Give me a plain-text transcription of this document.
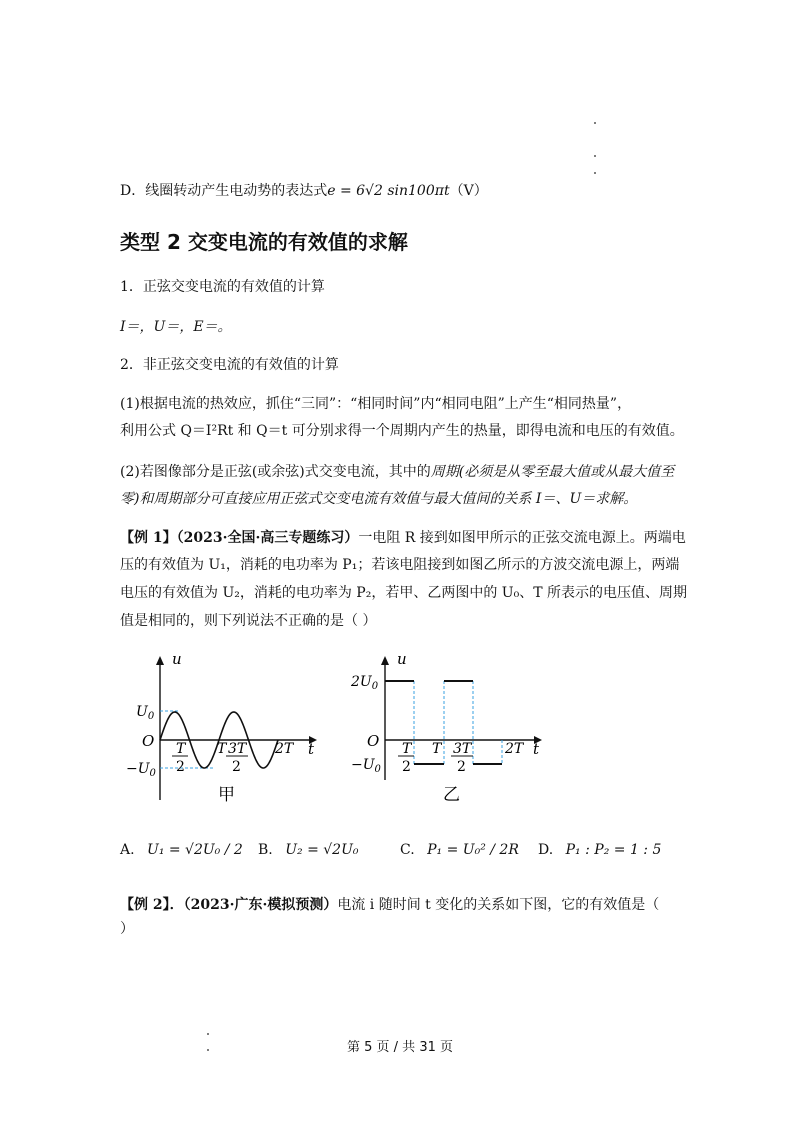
D．线圈转动产生电动势的表达式e = 6√2 sin100πt（V）
类型 2 交变电流的有效值的求解
1．正弦交变电流的有效值的计算
I＝，U＝，E＝。
2．非正弦交变电流的有效值的计算
(1)根据电流的热效应，抓住“三同”：“相同时间”内“相同电阻”上产生“相同热量”，
利用公式 Q＝I²Rt 和 Q＝t 可分别求得一个周期内产生的热量，即得电流和电压的有效值。
(2)若图像部分是正弦(或余弦)式交变电流，其中的周期(必须是从零至最大值或从最大值至
零)和周期部分可直接应用正弦式交变电流有效值与最大值间的关系 I＝、U＝求解。
【例 1】（2023·全国·高三专题练习）一电阻 R 接到如图甲所示的正弦交流电源上。两端电
压的有效值为 U₁，消耗的电功率为 P₁；若该电阻接到如图乙所示的方波交流电源上，两端
电压的有效值为 U₂，消耗的电功率为 P₂，若甲、乙两图中的 U₀、T 所表示的电压值、周期
值是相同的，则下列说法不正确的是（ ）
u
t
O
$U_0$
$-U_0$
T
2
T 3T
2
2T
甲
u
t
O
$2U_0$
$-U_0$
T
2
T 3T
2
2T
乙
A. U₁ = √2U₀ / 2 B. U₂ = √2U₀	C. P₁ = U₀² / 2R D. P₁ : P₂ = 1 : 5
【例 2】．（2023·广东·模拟预测）电流 i 随时间 t 变化的关系如下图，它的有效值是（
）
第 5 页 / 共 31 页
